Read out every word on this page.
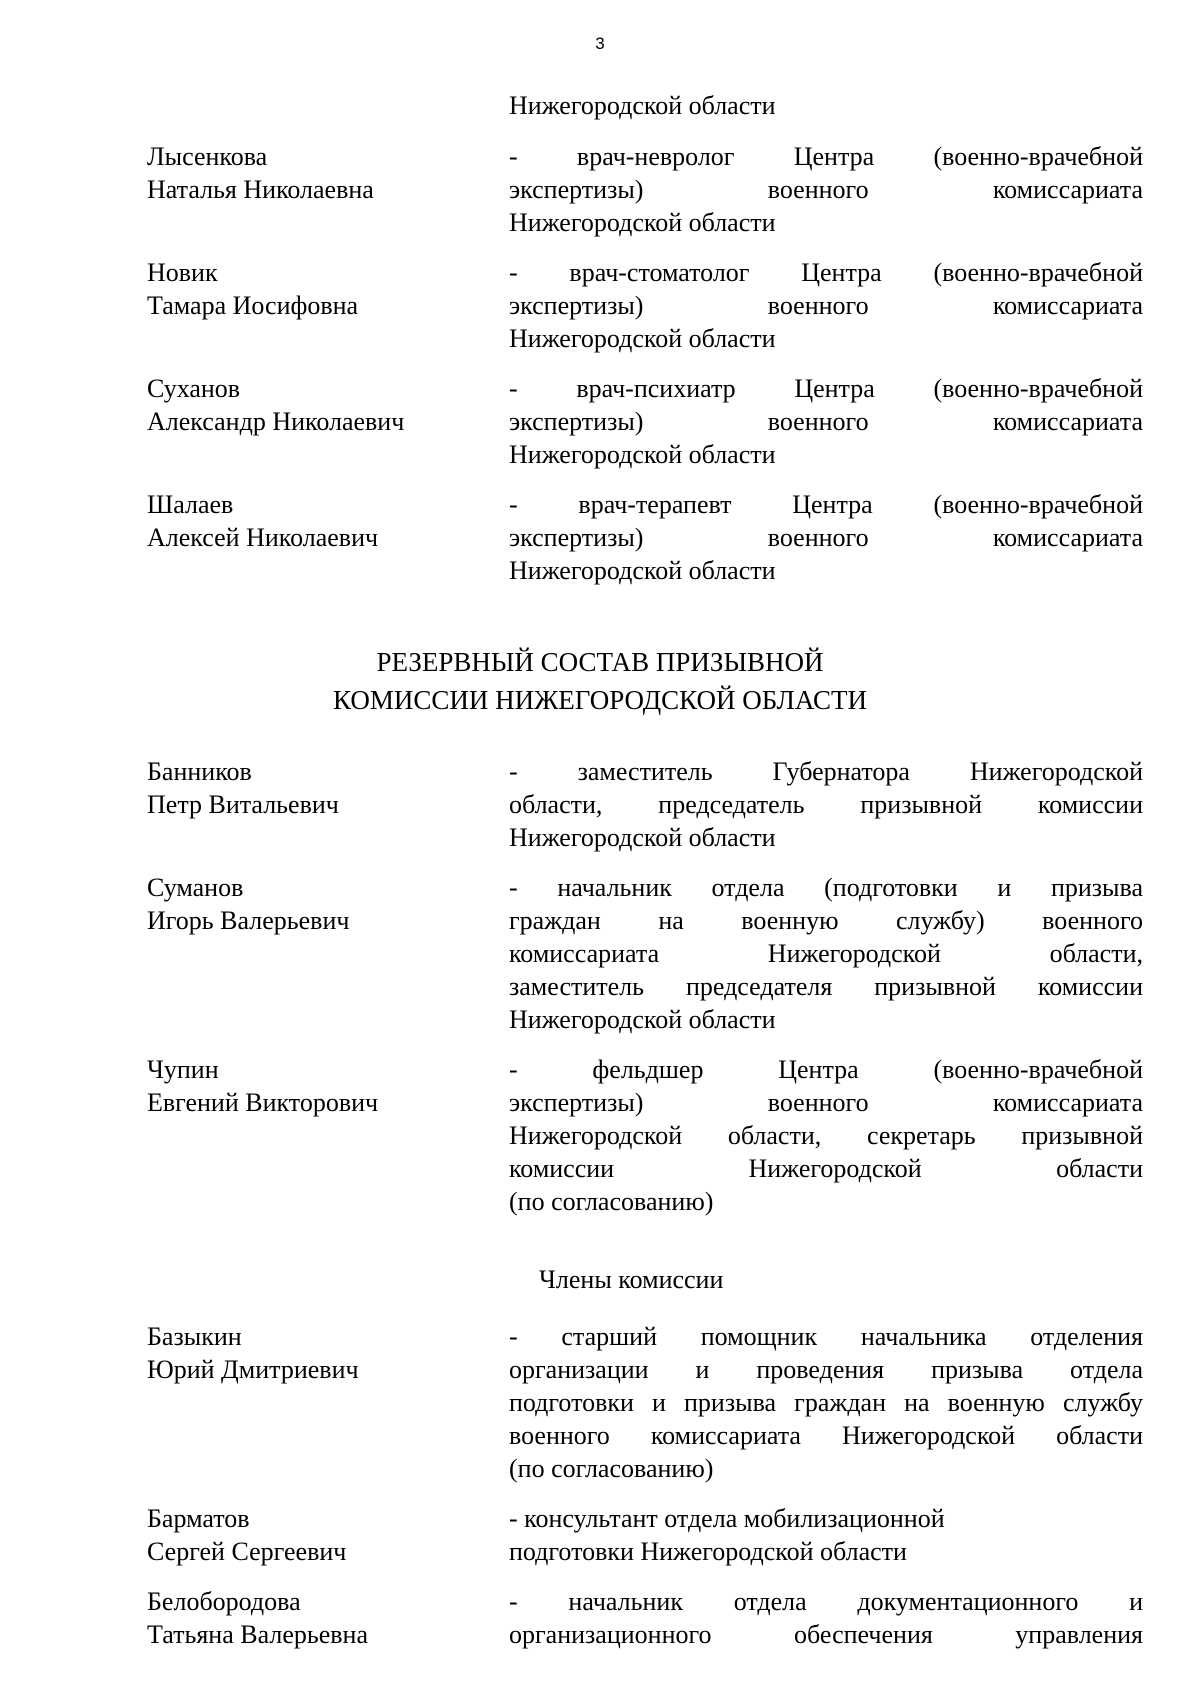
3
Нижегородской области
Лысенкова
Наталья Николаевна
- врач-невролог Центра (военно-врачебной
экспертизы) военного комиссариата
Нижегородской области
Новик
Тамара Иосифовна
- врач-стоматолог Центра (военно-врачебной
экспертизы) военного комиссариата
Нижегородской области
Суханов
Александр Николаевич
- врач-психиатр Центра (военно-врачебной
экспертизы) военного комиссариата
Нижегородской области
Шалаев
Алексей Николаевич
- врач-терапевт Центра (военно-врачебной
экспертизы) военного комиссариата
Нижегородской области
РЕЗЕРВНЫЙ СОСТАВ ПРИЗЫВНОЙ
КОМИССИИ НИЖЕГОРОДСКОЙ ОБЛАСТИ
Банников
Петр Витальевич
- заместитель Губернатора Нижегородской
области, председатель призывной комиссии
Нижегородской области
Суманов
Игорь Валерьевич
- начальник отдела (подготовки и призыва
граждан на военную службу) военного
комиссариата Нижегородской области,
заместитель председателя призывной комиссии
Нижегородской области
Чупин
Евгений Викторович
- фельдшер Центра (военно-врачебной
экспертизы) военного комиссариата
Нижегородской области, секретарь призывной
комиссии Нижегородской области
(по согласованию)
Члены комиссии
Базыкин
Юрий Дмитриевич
- старший помощник начальника отделения
организации и проведения призыва отдела
подготовки и призыва граждан на военную службу
военного комиссариата Нижегородской области
(по согласованию)
Барматов
Сергей Сергеевич
- консультант отдела мобилизационной
подготовки Нижегородской области
Белобородова
Татьяна Валерьевна
- начальник отдела документационного и
организационного обеспечения управления
